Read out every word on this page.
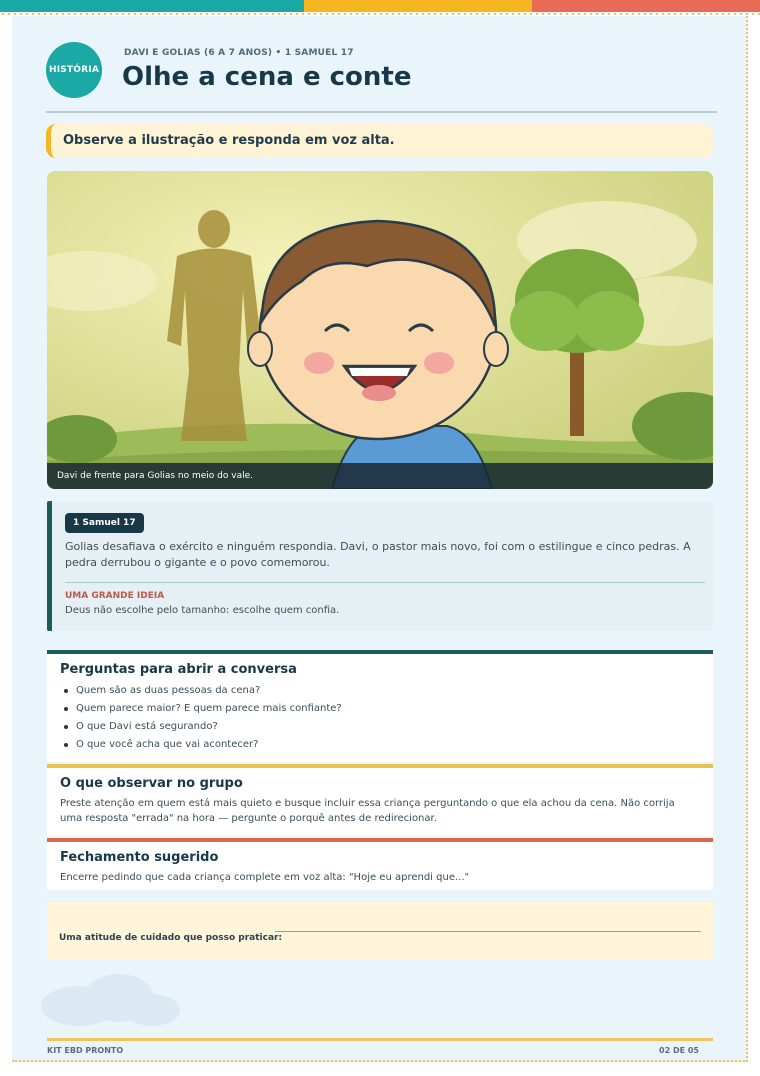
HISTÓRIA
DAVI E GOLIAS (6 A 7 ANOS) • 1 SAMUEL 17
Olhe a cena e conte
Observe a ilustração e responda em voz alta.
Davi de frente para Golias no meio do vale.
1 Samuel 17
Golias desafiava o exército e ninguém respondia. Davi, o pastor mais novo, foi com o estilingue e cinco pedras. A pedra derrubou o gigante e o povo comemorou.
UMA GRANDE IDEIA
Deus não escolhe pelo tamanho: escolhe quem confia.
Perguntas para abrir a conversa
Quem são as duas pessoas da cena?
Quem parece maior? E quem parece mais confiante?
O que Davi está segurando?
O que você acha que vai acontecer?
O que observar no grupo

Preste atenção em quem está mais quieto e busque incluir essa criança perguntando o que ela achou da cena. Não corrija uma resposta "errada" na hora — pergunte o porquê antes de redirecionar.

Fechamento sugerido

Encerre pedindo que cada criança complete em voz alta: "Hoje eu aprendi que..."

Uma atitude de cuidado que posso praticar:
KIT EBD PRONTO	02 DE 05
